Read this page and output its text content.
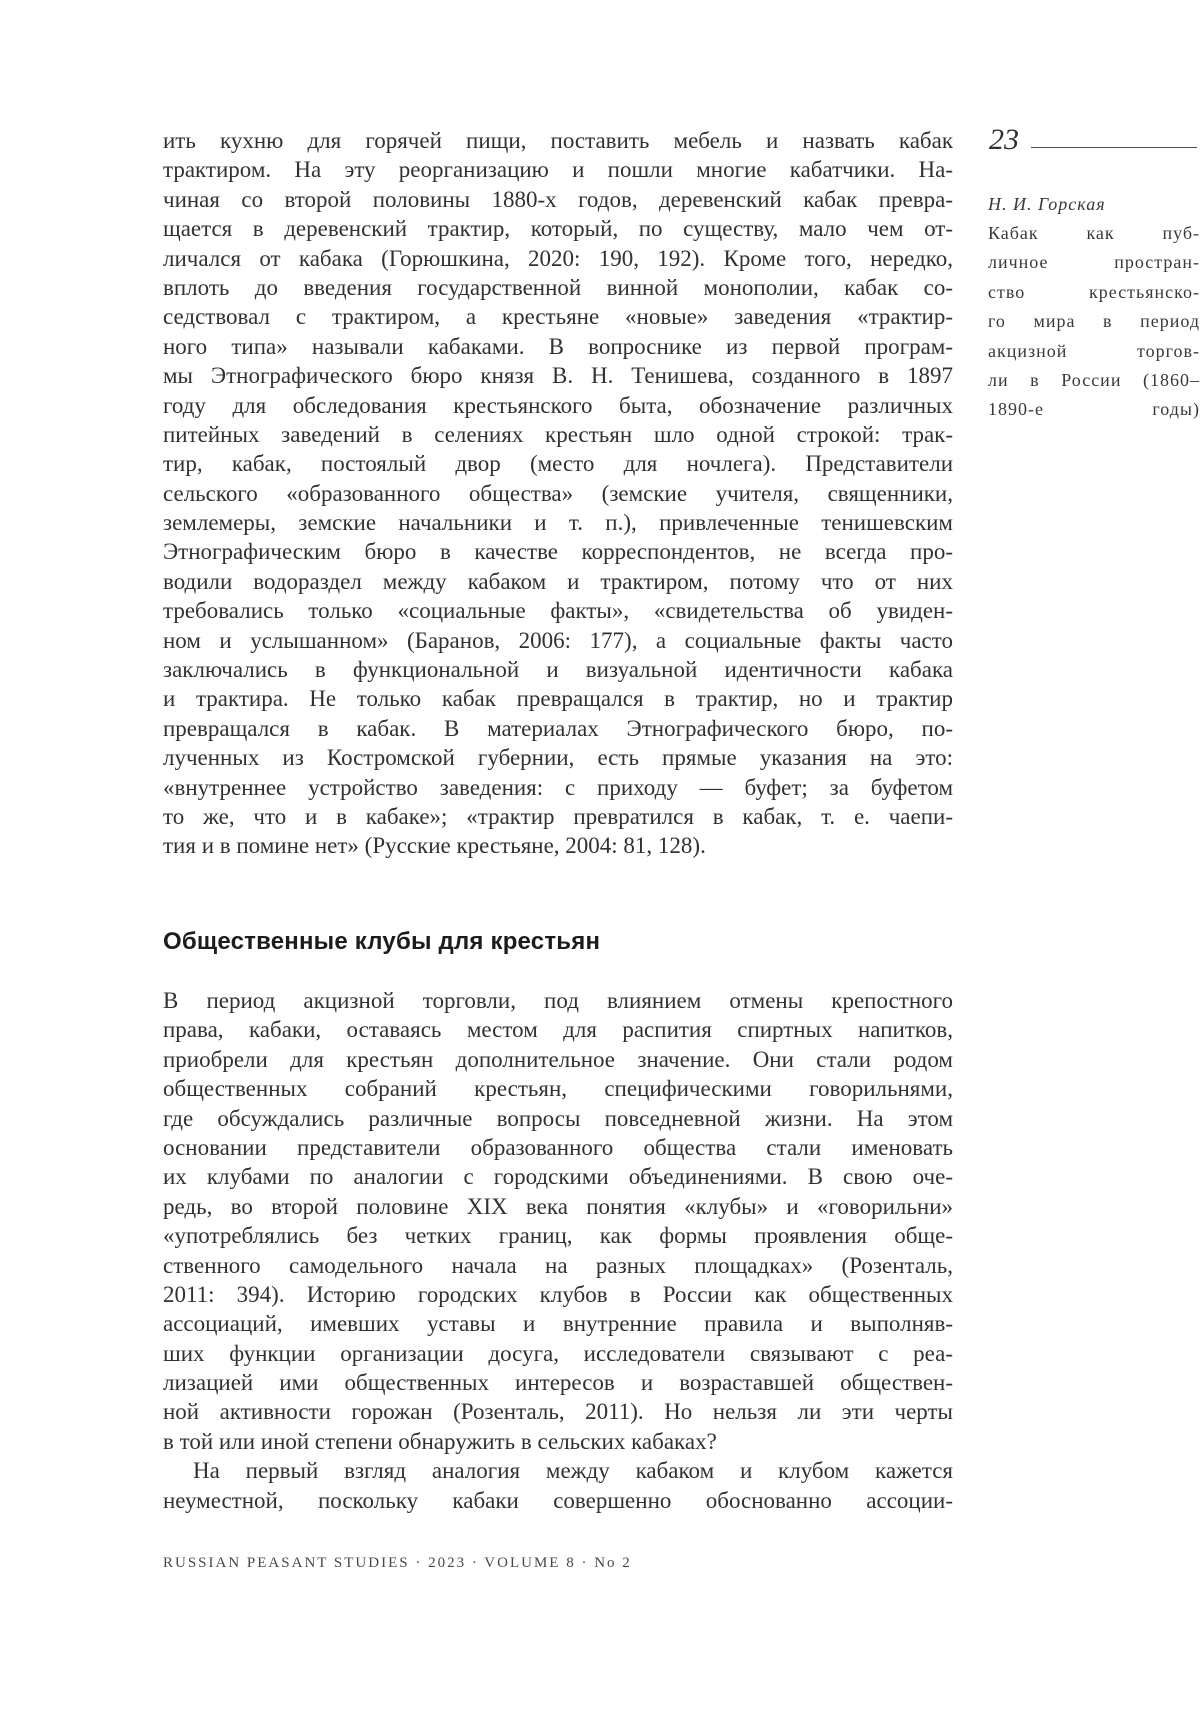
23
Н. И. Горская
Кабак как пуб-
личное простран-
ство крестьянско-
го мира в период
акцизной торгов-
ли в России (1860–
1890-е годы)
ить кухню для горячей пищи, поставить мебель и назвать кабак
трактиром. На эту реорганизацию и пошли многие кабатчики. На-
чиная со второй половины 1880-х годов, деревенский кабак превра-
щается в деревенский трактир, который, по существу, мало чем от-
личался от кабака (Горюшкина, 2020: 190, 192). Кроме того, нередко,
вплоть до введения государственной винной монополии, кабак со-
седствовал с трактиром, а крестьяне «новые» заведения «трактир-
ного типа» называли кабаками. В вопроснике из первой програм-
мы Этнографического бюро князя В. Н. Тенишева, созданного в 1897
году для обследования крестьянского быта, обозначение различных
питейных заведений в селениях крестьян шло одной строкой: трак-
тир, кабак, постоялый двор (место для ночлега). Представители
сельского «образованного общества» (земские учителя, священники,
землемеры, земские начальники и т. п.), привлеченные тенишевским
Этнографическим бюро в качестве корреспондентов, не всегда про-
водили водораздел между кабаком и трактиром, потому что от них
требовались только «социальные факты», «свидетельства об увиден-
ном и услышанном» (Баранов, 2006: 177), а социальные факты часто
заключались в функциональной и визуальной идентичности кабака
и трактира. Не только кабак превращался в трактир, но и трактир
превращался в кабак. В материалах Этнографического бюро, по-
лученных из Костромской губернии, есть прямые указания на это:
«внутреннее устройство заведения: с приходу — буфет; за буфетом
то же, что и в кабаке»; «трактир превратился в кабак, т. е. чаепи-
тия и в помине нет» (Русские крестьяне, 2004: 81, 128).
Общественные клубы для крестьян
В период акцизной торговли, под влиянием отмены крепостного
права, кабаки, оставаясь местом для распития спиртных напитков,
приобрели для крестьян дополнительное значение. Они стали родом
общественных собраний крестьян, специфическими говорильнями,
где обсуждались различные вопросы повседневной жизни. На этом
основании представители образованного общества стали именовать
их клубами по аналогии с городскими объединениями. В свою оче-
редь, во второй половине XIX века понятия «клубы» и «говорильни»
«употреблялись без четких границ, как формы проявления обще-
ственного самодельного начала на разных площадках» (Розенталь,
2011: 394). Историю городских клубов в России как общественных
ассоциаций, имевших уставы и внутренние правила и выполняв-
ших функции организации досуга, исследователи связывают с реа-
лизацией ими общественных интересов и возраставшей обществен-
ной активности горожан (Розенталь, 2011). Но нельзя ли эти черты
в той или иной степени обнаружить в сельских кабаках?
На первый взгляд аналогия между кабаком и клубом кажется
неуместной, поскольку кабаки совершенно обоснованно ассоции-
RUSSIAN PEASANT STUDIES · 2023 · VOLUME 8 · No 2
